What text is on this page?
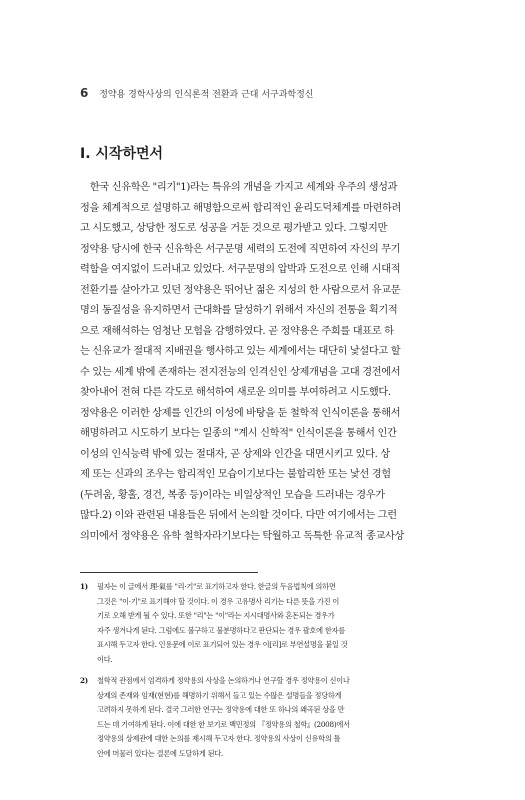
6 정약용 경학사상의 인식론적 전환과 근대 서구과학정신
Ⅰ. 시작하면서
　한국 신유학은 "리기"1)라는 특유의 개념을 가지고 세계와 우주의 생성과
정을 체계적으로 설명하고 해명함으로써 합리적인 윤리도덕체계를 마련하려
고 시도했고, 상당한 정도로 성공을 거둔 것으로 평가받고 있다. 그렇지만
정약용 당시에 한국 신유학은 서구문명 세력의 도전에 직면하여 자신의 무기
력함을 여지없이 드러내고 있었다. 서구문명의 압박과 도전으로 인해 시대적
전환기를 살아가고 있던 정약용은 뛰어난 젊은 지성의 한 사람으로서 유교문
명의 동질성을 유지하면서 근대화를 달성하기 위해서 자신의 전통을 획기적
으로 재해석하는 엄청난 모험을 감행하였다. 곧 정약용은 주희를 대표로 하
는 신유교가 절대적 지배권을 행사하고 있는 세계에서는 대단히 낯설다고 할
수 있는 세계 밖에 존재하는 전지전능의 인격신인 상제개념을 고대 경전에서
찾아내어 전혀 다른 각도로 해석하여 새로운 의미를 부여하려고 시도했다.
정약용은 이러한 상제를 인간의 이성에 바탕을 둔 철학적 인식이론을 통해서
해명하려고 시도하기 보다는 일종의 "계시 신학적" 인식이론을 통해서 인간
이성의 인식능력 밖에 있는 절대자, 곧 상제와 인간을 대면시키고 있다. 상
제 또는 신과의 조우는 합리적인 모습이기보다는 불합리한 또는 낯선 경험
(두려움, 황홀, 경건, 복종 등)이라는 비일상적인 모습을 드러내는 경우가
많다.2) 이와 관련된 내용들은 뒤에서 논의할 것이다. 다만 여기에서는 그런
의미에서 정약용은 유학 철학자라기보다는 탁월하고 독특한 유교적 종교사상
1) 필자는 이 글에서 理·氣를 "리·기"로 표기하고자 한다. 한글의 두음법칙에 의하면
그것은 "이·기"로 표기해야 할 것이다. 이 경우 고유명사 리기는 다른 뜻을 가진 이
기로 오해 받게 될 수 있다. 또한 "리"는 "이"라는 지시대명사와 혼돈되는 경우가
자주 생겨나게 된다. 그럼에도 불구하고 불분명하다고 판단되는 경우 괄호에 한자를
표시해 두고자 한다. 인용문에 이로 표기되어 있는 경우 이[리]로 부연설명을 붙일 것
이다.
2) 철학적 관점에서 엄격하게 정약용의 사상을 논의하거나 연구할 경우 정약용이 신이나
상제의 존재와 임재(현현)를 해명하기 위해서 들고 있는 수많은 설명들을 정당하게
고려하지 못하게 된다. 결국 그러한 연구는 정약용에 대한 또 하나의 왜곡된 상을 만
드는 데 기여하게 된다. 이에 대한 한 보기로 백민정의 『정약용의 철학』(2008)에서
정약용의 상제관에 대한 논의를 제시해 두고자 한다. 정약용의 사상이 신유학의 틀
안에 머물러 있다는 결론에 도달하게 된다.
